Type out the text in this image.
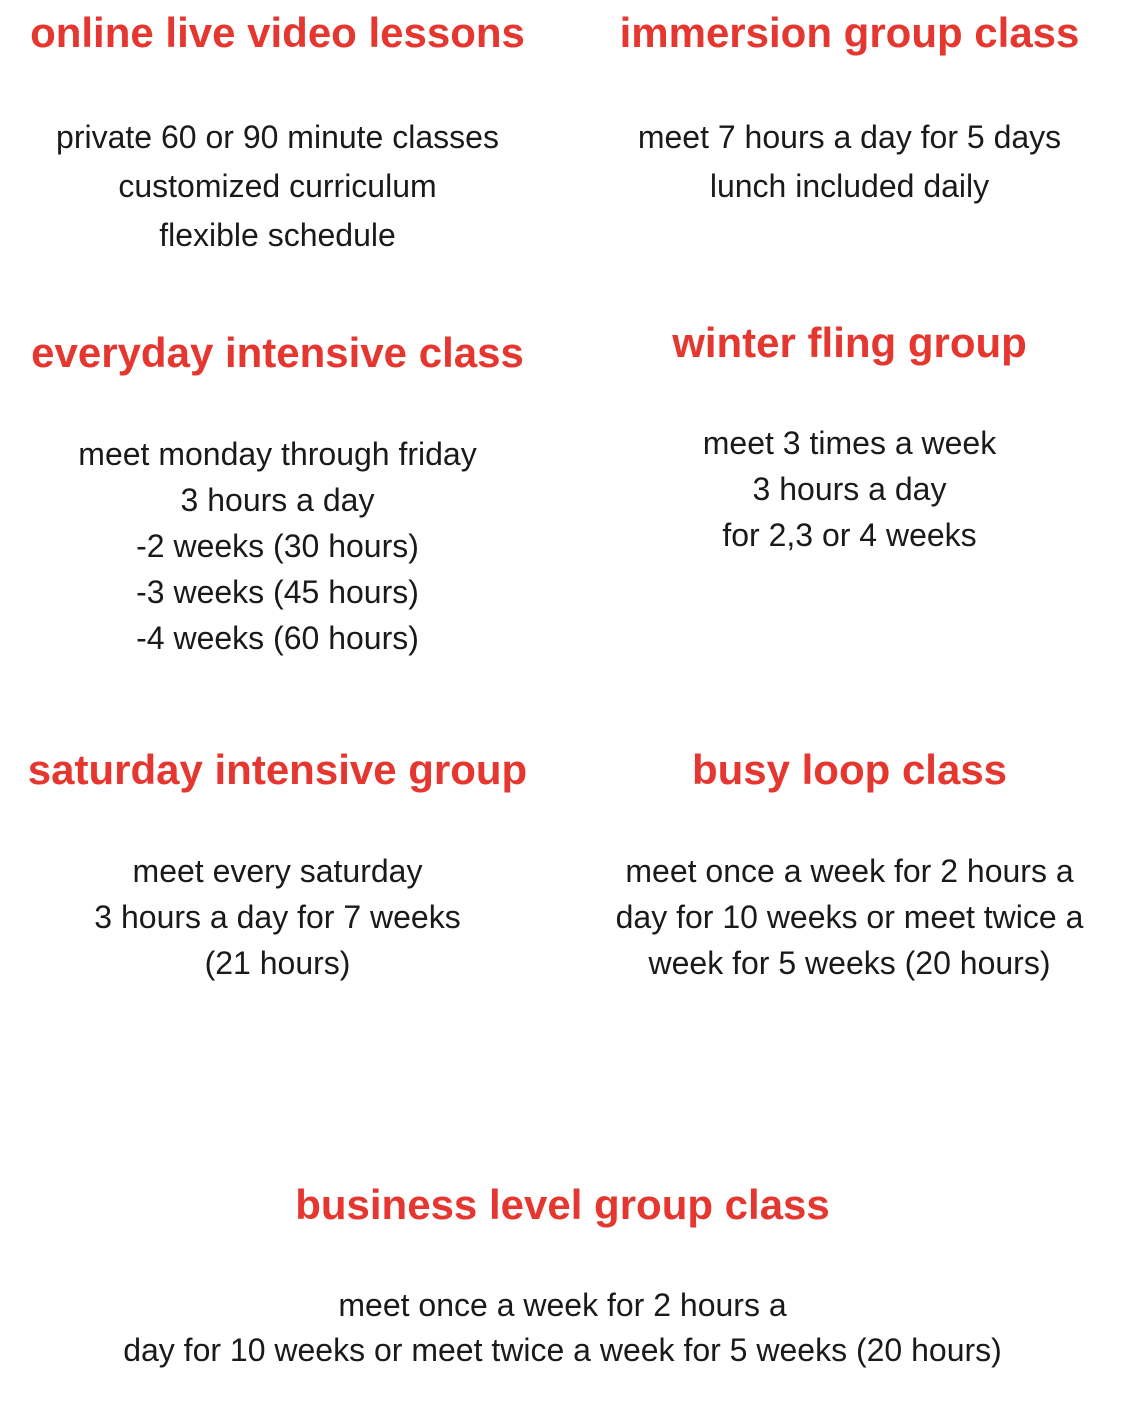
online live video lessons
private 60 or 90 minute classes
customized curriculum
flexible schedule
immersion group class
meet 7 hours a day for 5 days
lunch included daily
everyday intensive class
meet monday through friday
3 hours a day
-2 weeks (30 hours)
-3 weeks (45 hours)
-4 weeks (60 hours)
winter fling group
meet 3 times a week
3 hours a day
for 2,3 or 4 weeks
saturday intensive group
meet every saturday
3 hours a day for 7 weeks
(21 hours)
busy loop class
meet once a week for 2 hours a
day for 10 weeks or meet twice a
week for 5 weeks (20 hours)
business level group class
meet once a week for 2 hours a
day for 10 weeks or meet twice a week for 5 weeks (20 hours)
